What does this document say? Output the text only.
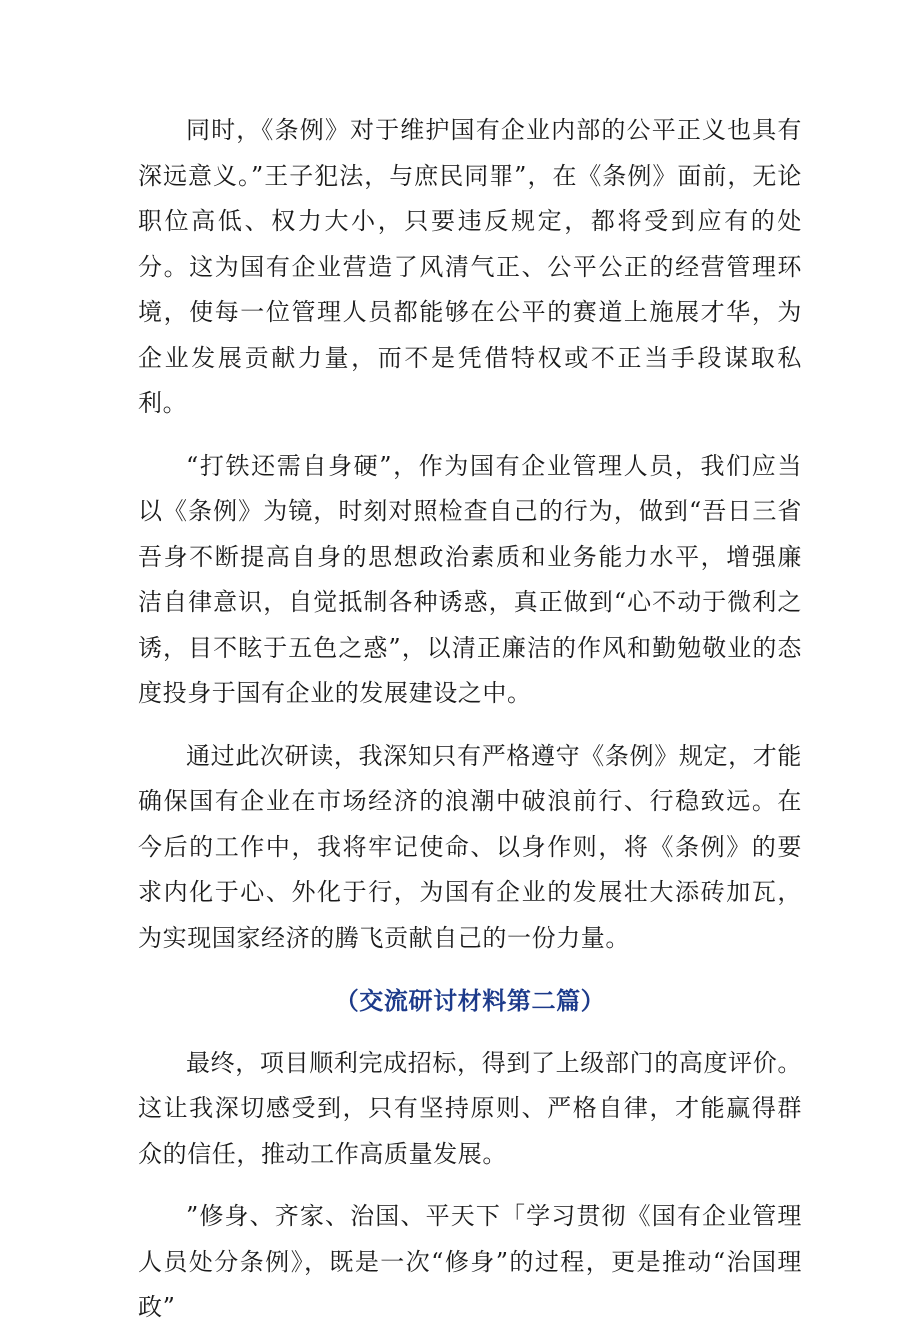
同时，《条例》对于维护国有企业内部的公平正义也具有深远意义。”王子犯法，与庶民同罪”，在《条例》面前，无论职位高低、权力大小，只要违反规定，都将受到应有的处分。这为国有企业营造了风清气正、公平公正的经营管理环境，使每一位管理人员都能够在公平的赛道上施展才华，为企业发展贡献力量，而不是凭借特权或不正当手段谋取私利。

“打铁还需自身硬”，作为国有企业管理人员，我们应当以《条例》为镜，时刻对照检查自己的行为，做到“吾日三省吾身不断提高自身的思想政治素质和业务能力水平，增强廉洁自律意识，自觉抵制各种诱惑，真正做到“心不动于微利之诱，目不眩于五色之惑”，以清正廉洁的作风和勤勉敬业的态度投身于国有企业的发展建设之中。

通过此次研读，我深知只有严格遵守《条例》规定，才能确保国有企业在市场经济的浪潮中破浪前行、行稳致远。在今后的工作中，我将牢记使命、以身作则，将《条例》的要求内化于心、外化于行，为国有企业的发展壮大添砖加瓦，为实现国家经济的腾飞贡献自己的一份力量。

（交流研讨材料第二篇）

最终，项目顺利完成招标，得到了上级部门的高度评价。这让我深切感受到，只有坚持原则、严格自律，才能赢得群众的信任，推动工作高质量发展。

”修身、齐家、治国、平天下「学习贯彻《国有企业管理人员处分条例》，既是一次“修身”的过程，更是推动“治国理政”
